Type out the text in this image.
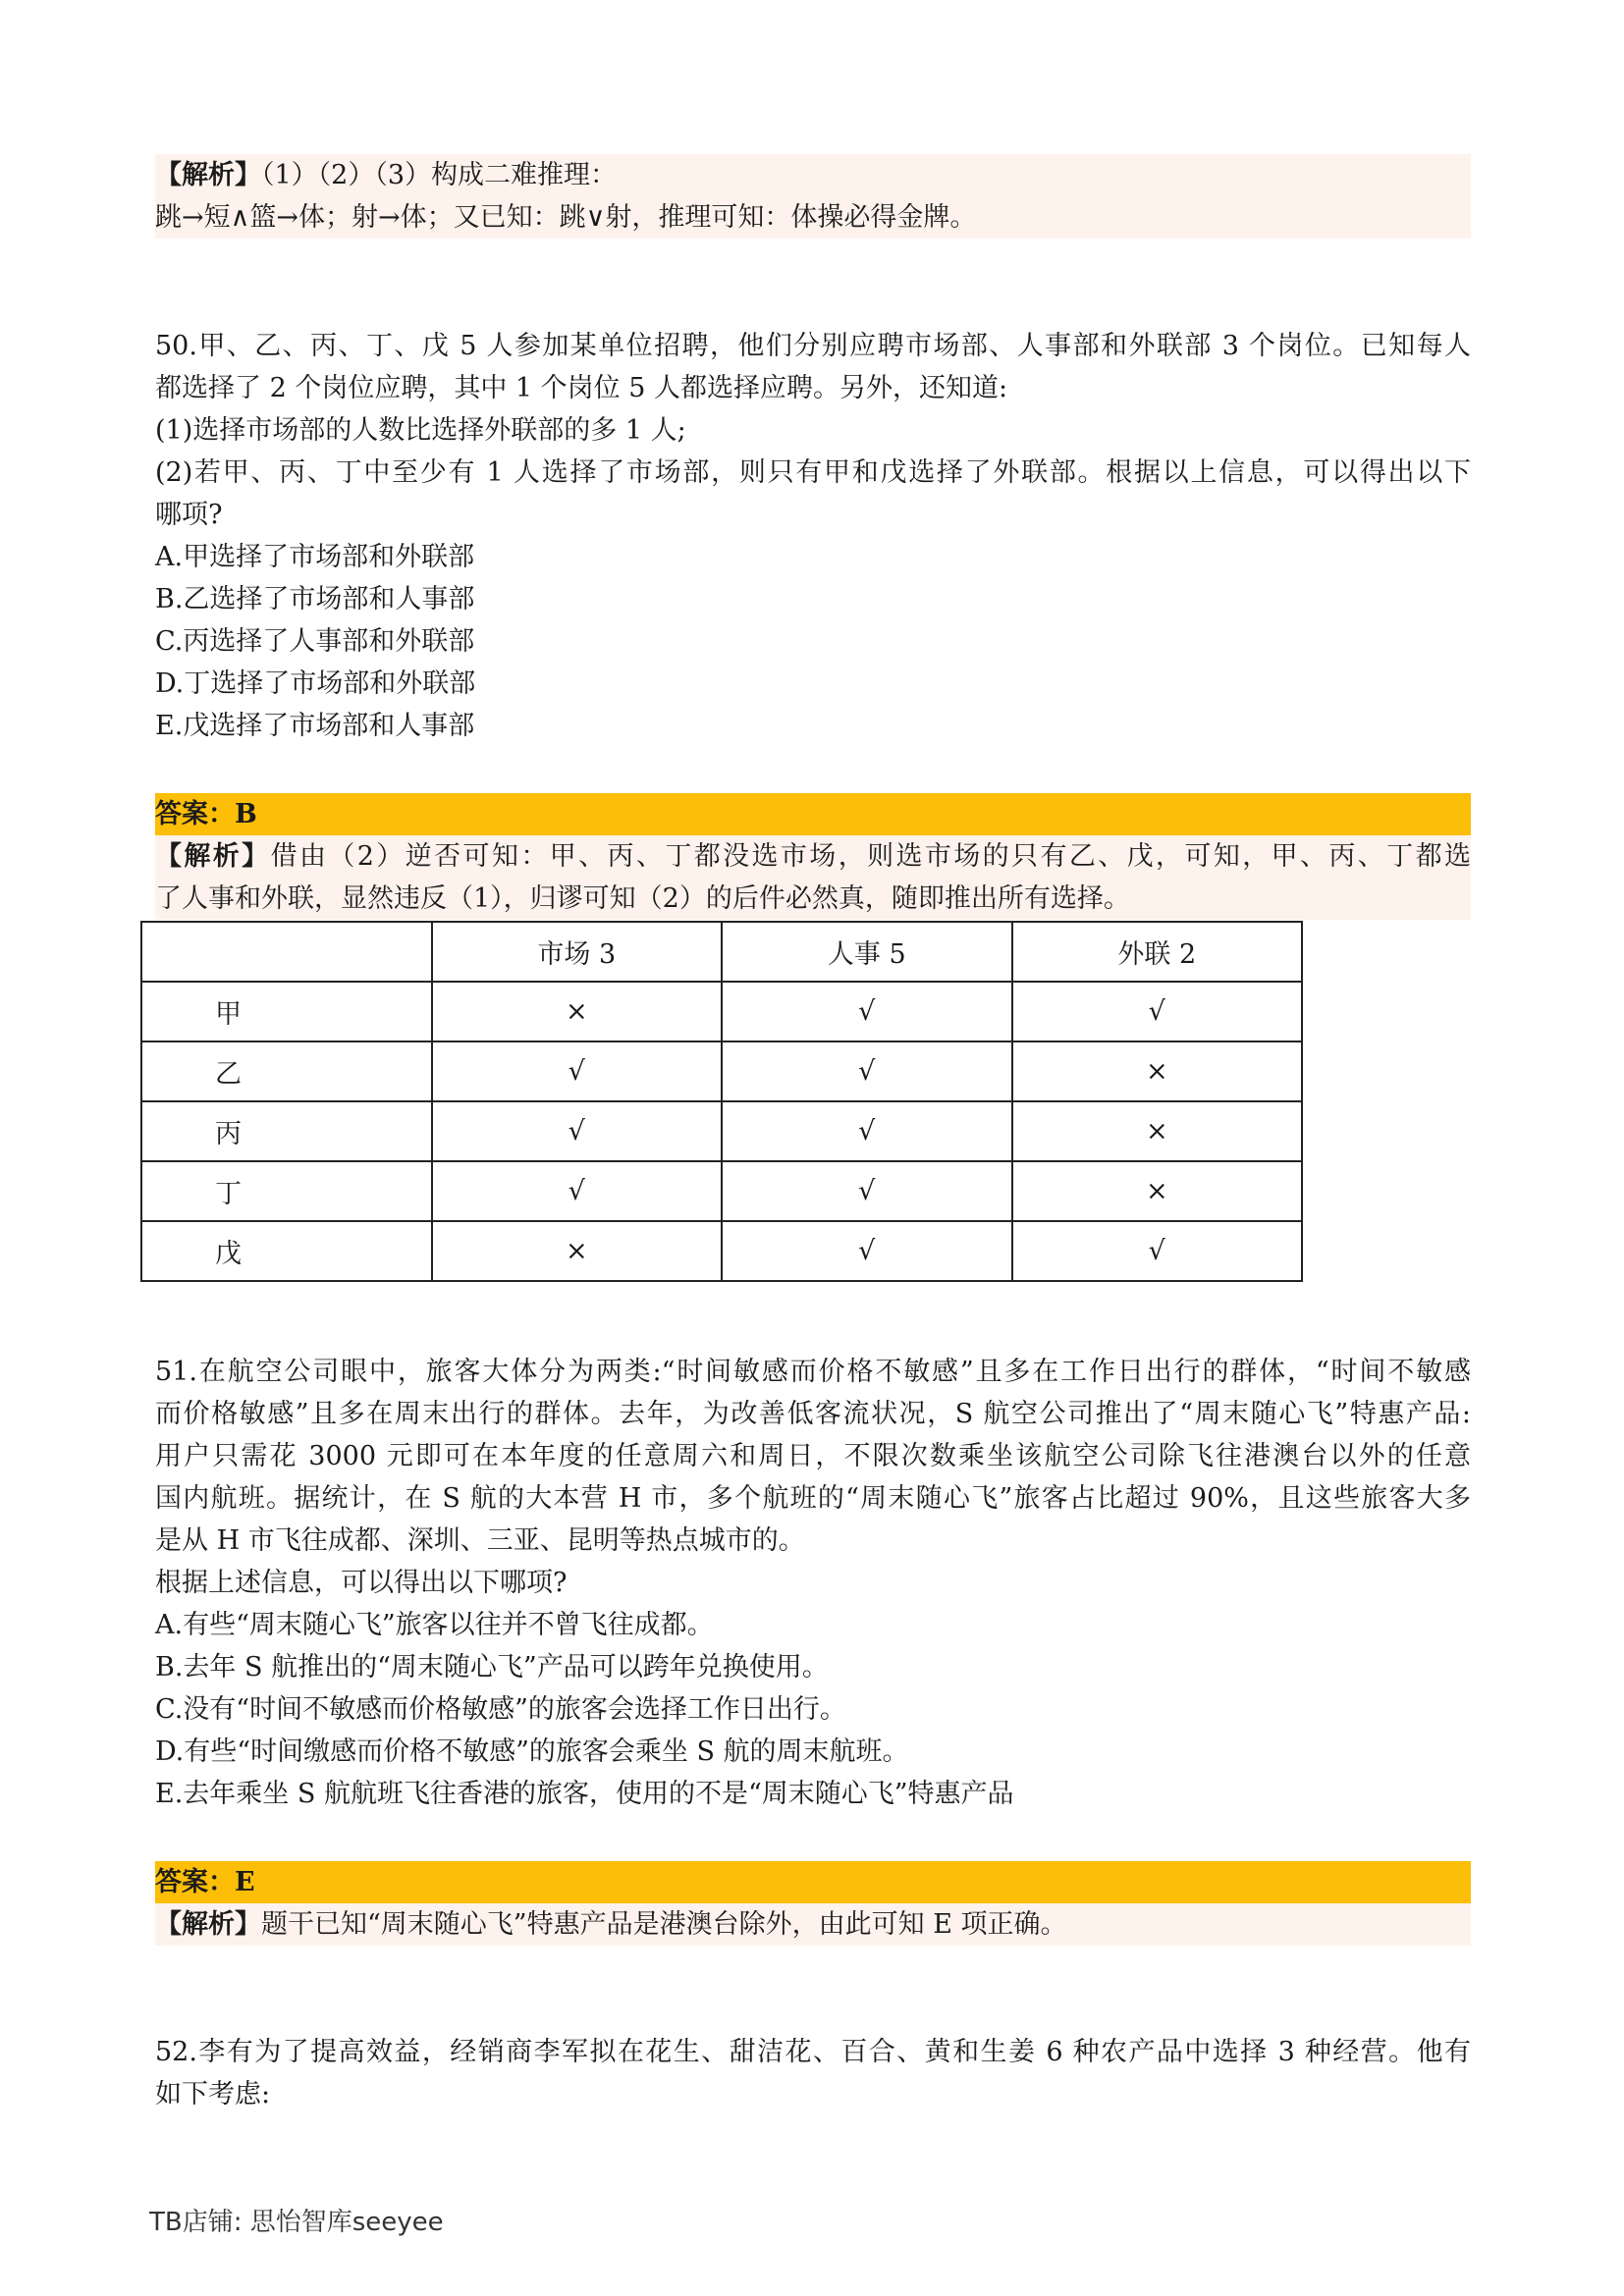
【解析】（1）（2）（3）构成二难推理：
跳→短∧篮→体；射→体；又已知：跳∨射，推理可知：体操必得金牌。
50.甲、乙、丙、丁、戊 5 人参加某单位招聘，他们分别应聘市场部、人事部和外联部 3 个岗位。已知每人
都选择了 2 个岗位应聘，其中 1 个岗位 5 人都选择应聘。另外，还知道:
(1)选择市场部的人数比选择外联部的多 1 人;
(2)若甲、丙、丁中至少有 1 人选择了市场部，则只有甲和戊选择了外联部。根据以上信息，可以得出以下
哪项?
A.甲选择了市场部和外联部
B.乙选择了市场部和人事部
C.丙选择了人事部和外联部
D.丁选择了市场部和外联部
E.戊选择了市场部和人事部
答案：B
【解析】借由（2）逆否可知：甲、丙、丁都没选市场，则选市场的只有乙、戊，可知，甲、丙、丁都选
了人事和外联，显然违反（1），归谬可知（2）的后件必然真，随即推出所有选择。
	市场 3	人事 5	外联 2
甲	×	√	√
乙	√	√	×
丙	√	√	×
丁	√	√	×
戊	×	√	√
51.在航空公司眼中，旅客大体分为两类:“时间敏感而价格不敏感”且多在工作日出行的群体，“时间不敏感
而价格敏感”且多在周末出行的群体。去年，为改善低客流状况，S 航空公司推出了“周末随心飞”特惠产品:
用户只需花 3000 元即可在本年度的任意周六和周日，不限次数乘坐该航空公司除飞往港澳台以外的任意
国内航班。据统计，在 S 航的大本营 H 市，多个航班的“周末随心飞”旅客占比超过 90%，且这些旅客大多
是从 H 市飞往成都、深圳、三亚、昆明等热点城市的。
根据上述信息，可以得出以下哪项?
A.有些“周末随心飞”旅客以往并不曾飞往成都。
B.去年 S 航推出的“周末随心飞”产品可以跨年兑换使用。
C.没有“时间不敏感而价格敏感”的旅客会选择工作日出行。
D.有些“时间缴感而价格不敏感”的旅客会乘坐 S 航的周末航班。
E.去年乘坐 S 航航班飞往香港的旅客，使用的不是“周末随心飞”特惠产品
答案：E
【解析】题干已知“周末随心飞”特惠产品是港澳台除外，由此可知 E 项正确。
52.李有为了提高效益，经销商李军拟在花生、甜洁花、百合、黄和生姜 6 种农产品中选择 3 种经营。他有
如下考虑:
TB店铺: 思怡智库seeyee
